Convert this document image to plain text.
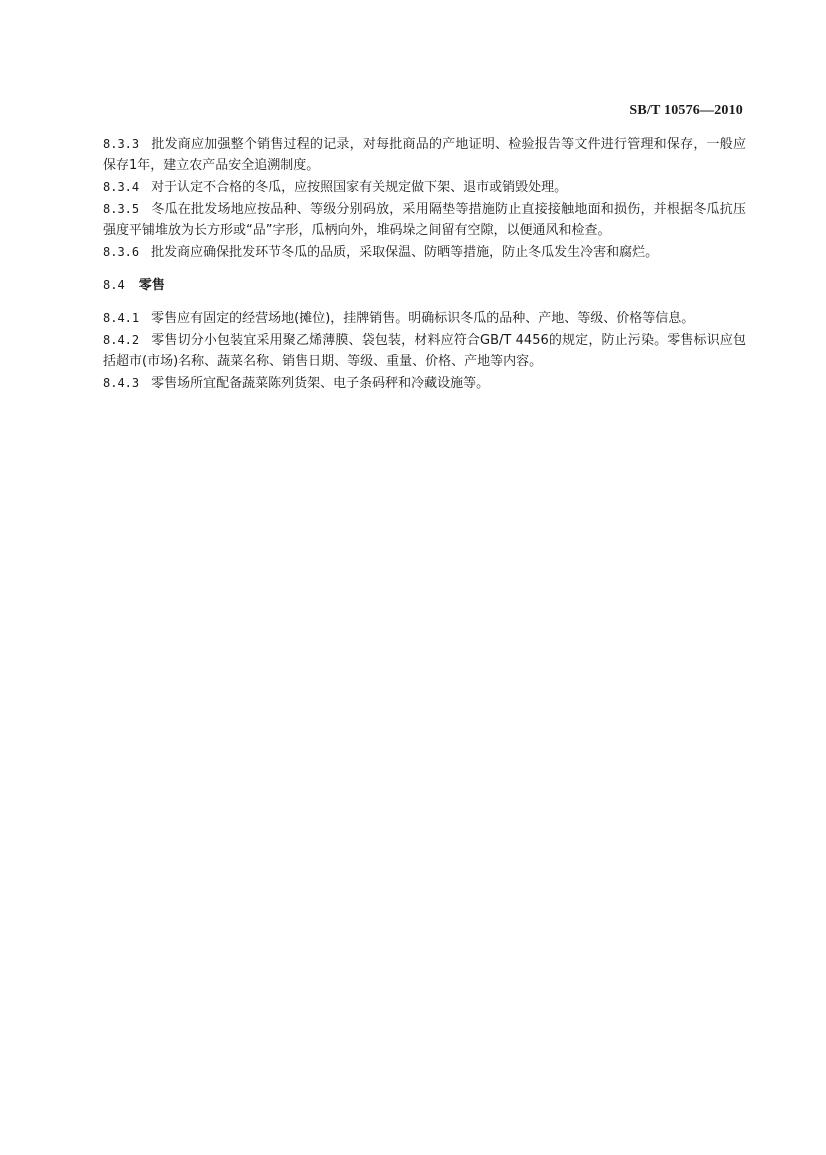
SB/T 10576—2010

8.3.3 批发商应加强整个销售过程的记录，对每批商品的产地证明、检验报告等文件进行管理和保存，一般应保存1年，建立农产品安全追溯制度。

8.3.4 对于认定不合格的冬瓜，应按照国家有关规定做下架、退市或销毁处理。

8.3.5 冬瓜在批发场地应按品种、等级分别码放，采用隔垫等措施防止直接接触地面和损伤，并根据冬瓜抗压强度平铺堆放为长方形或“品”字形，瓜柄向外，堆码垛之间留有空隙，以便通风和检查。

8.3.6 批发商应确保批发环节冬瓜的品质，采取保温、防晒等措施，防止冬瓜发生冷害和腐烂。

8.4 零售

8.4.1 零售应有固定的经营场地(摊位)，挂牌销售。明确标识冬瓜的品种、产地、等级、价格等信息。

8.4.2 零售切分小包装宜采用聚乙烯薄膜、袋包装，材料应符合GB/T 4456的规定，防止污染。零售标识应包括超市(市场)名称、蔬菜名称、销售日期、等级、重量、价格、产地等内容。

8.4.3 零售场所宜配备蔬菜陈列货架、电子条码秤和冷藏设施等。
